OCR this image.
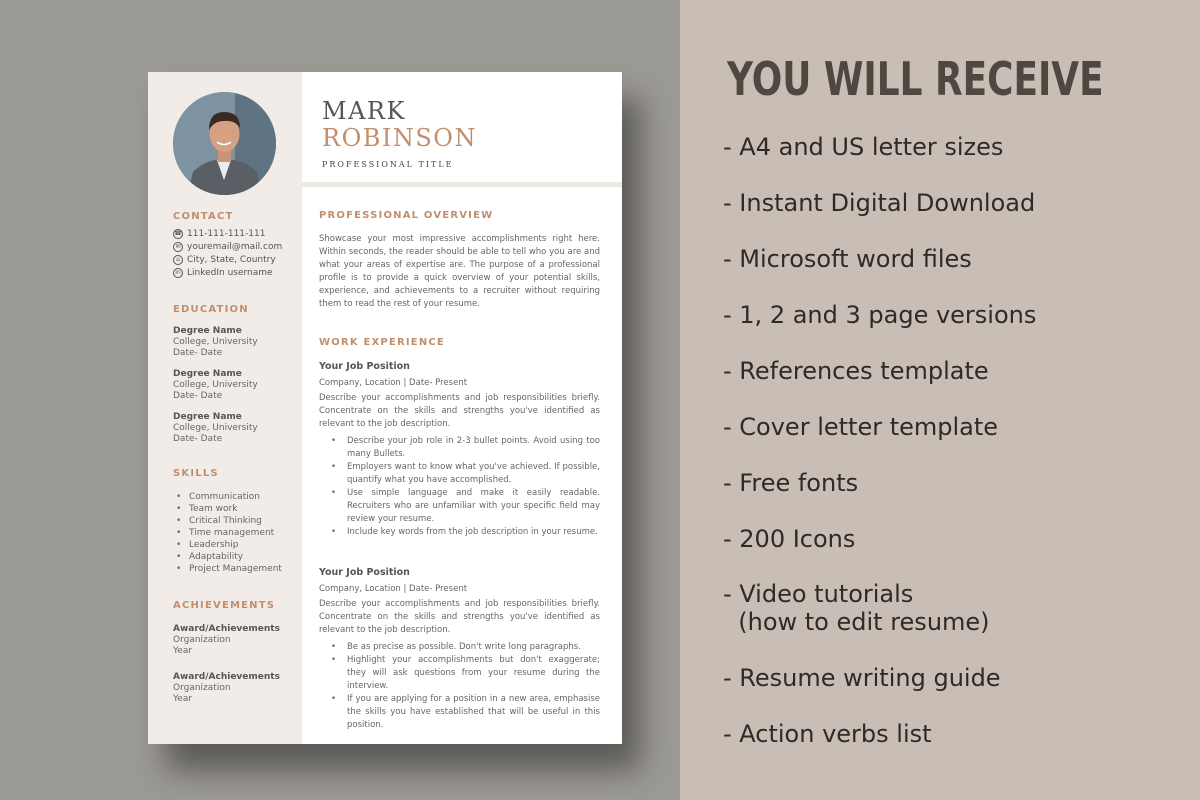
CONTACT
☎ 111-111-111-111
✉ youremail@mail.com
⌂ City, State, Country
in LinkedIn username
EDUCATION
Degree Name
College, University
Date- Date
Degree Name
College, University
Date- Date
Degree Name
College, University
Date- Date
SKILLS
• Communication
• Team work
• Critical Thinking
• Time management
• Leadership
• Adaptability
• Project Management
ACHIEVEMENTS
Award/Achievements
Organization
Year
Award/Achievements
Organization
Year
MARK
ROBINSON
PROFESSIONAL TITLE
PROFESSIONAL OVERVIEW
Showcase your most impressive accomplishments right here. Within seconds, the reader should be able to tell who you are and what your areas of expertise are. The purpose of a professional profile is to provide a quick overview of your potential skills, experience, and achievements to a recruiter without requiring them to read the rest of your resume.
WORK EXPERIENCE
Your Job Position
Company, Location | Date- Present
Describe your accomplishments and job responsibilities briefly. Concentrate on the skills and strengths you've identified as relevant to the job description.
• Describe your job role in 2-3 bullet points. Avoid using too many Bullets.
• Employers want to know what you've achieved. If possible, quantify what you have accomplished.
• Use simple language and make it easily readable. Recruiters who are unfamiliar with your specific field may review your resume.
• Include key words from the job description in your resume.
Your Job Position
Company, Location | Date- Present
Describe your accomplishments and job responsibilities briefly. Concentrate on the skills and strengths you've identified as relevant to the job description.
• Be as precise as possible. Don't write long paragraphs.
• Highlight your accomplishments but don't exaggerate; they will ask questions from your resume during the interview.
• If you are applying for a position in a new area, emphasise the skills you have established that will be useful in this position.
YOU WILL RECEIVE
- A4 and US letter sizes
- Instant Digital Download
- Microsoft word files
- 1, 2 and 3 page versions
- References template
- Cover letter template
- Free fonts
- 200 Icons
- Video tutorials
(how to edit resume)
- Resume writing guide
- Action verbs list
